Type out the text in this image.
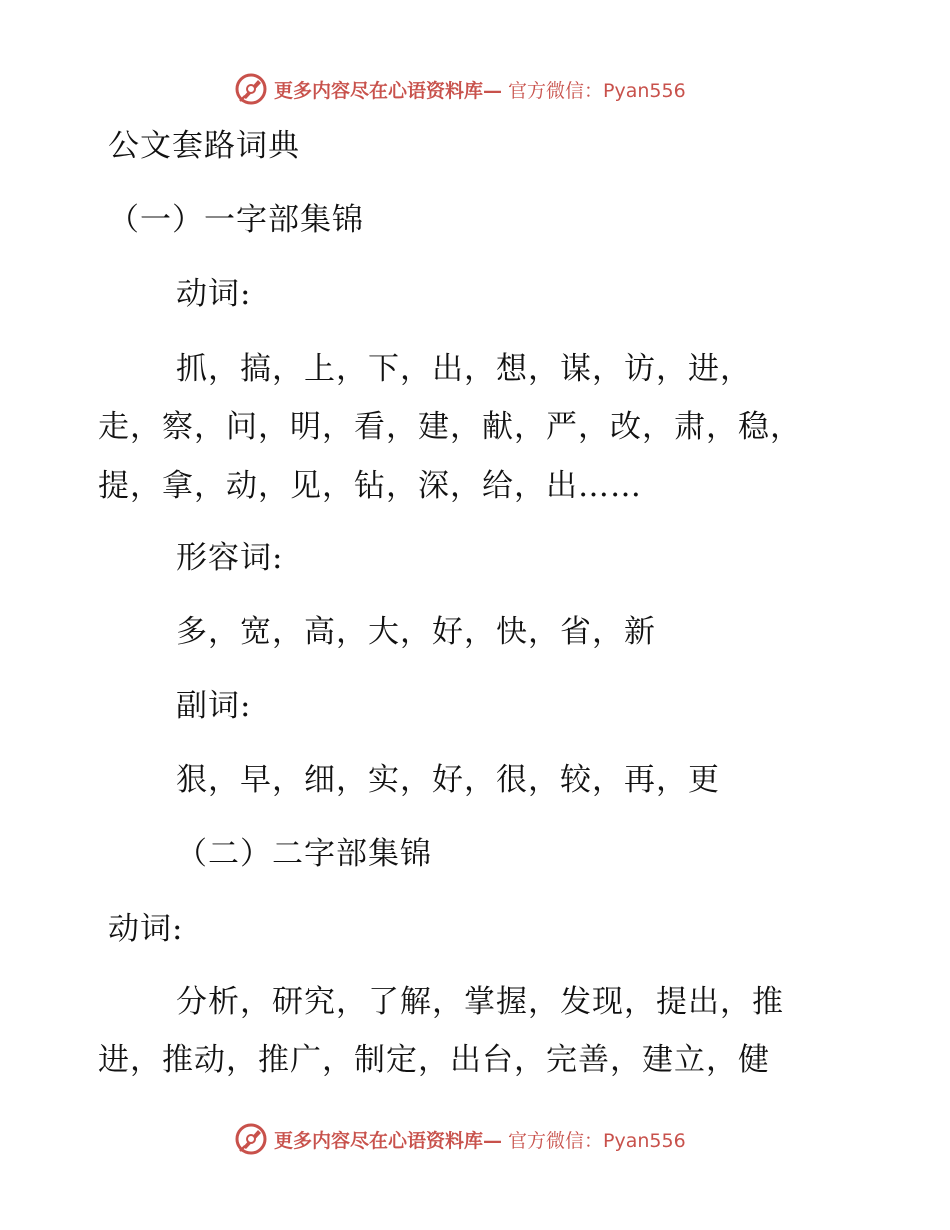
更多内容尽在心语资料库— 官方微信：Pyan556
公文套路词典
（一）一字部集锦
动词:
抓，搞，上，下，出，想，谋，访，进，
走，察，问，明，看，建，献，严，改，肃，稳，
提，拿，动，见，钻，深，给，出……
形容词:
多，宽，高，大，好，快，省，新
副词:
狠，早，细，实，好，很，较，再，更
（二）二字部集锦
动词:
分析，研究，了解，掌握，发现，提出，推
进，推动，推广，制定，出台，完善，建立，健
更多内容尽在心语资料库— 官方微信：Pyan556
